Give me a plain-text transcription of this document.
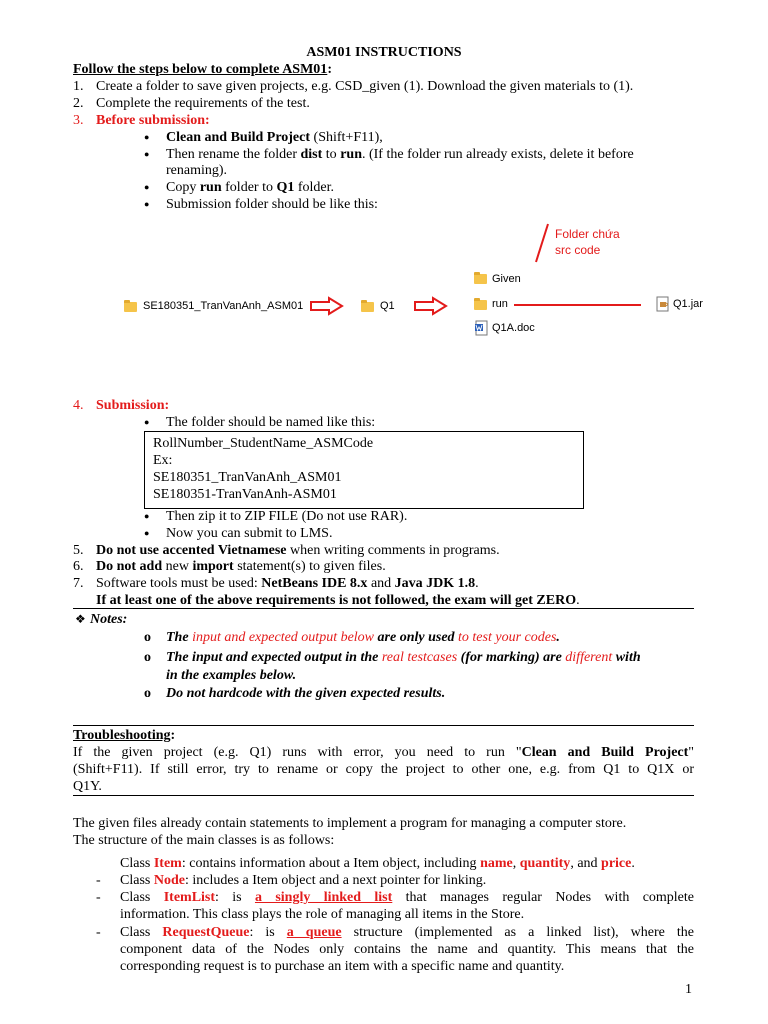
ASM01 INSTRUCTIONS
Follow the steps below to complete ASM01:
1. Create a folder to save given projects, e.g. CSD_given (1). Download the given materials to (1).
2. Complete the requirements of the test.
3. Before submission:
● Clean and Build Project (Shift+F11),
● Then rename the folder dist to run. (If the folder run already exists, delete it before
renaming).
● Copy run folder to Q1 folder.
● Submission folder should be like this:
Folder chứa
src code
Given
SE180351_TranVanAnh_ASM01	Q1	run	Q1.jar
Q1A.doc
4. Submission:
● The folder should be named like this:
RollNumber_StudentName_ASMCode
Ex:
SE180351_TranVanAnh_ASM01
SE180351-TranVanAnh-ASM01
● Then zip it to ZIP FILE (Do not use RAR).
● Now you can submit to LMS.
5. Do not use accented Vietnamese when writing comments in programs.
6. Do not add new import statement(s) to given files.
7. Software tools must be used: NetBeans IDE 8.x and Java JDK 1.8.
If at least one of the above requirements is not followed, the exam will get ZERO.
❖ Notes:
o The input and expected output below are only used to test your codes.
o The input and expected output in the real testcases (for marking) are different with
in the examples below.
o Do not hardcode with the given expected results.
Troubleshooting:
If the given project (e.g. Q1) runs with error, you need to run "Clean and Build Project"
(Shift+F11). If still error, try to rename or copy the project to other one, e.g. from Q1 to Q1X or
Q1Y.
The given files already contain statements to implement a program for managing a computer store.
The structure of the main classes is as follows:
Class Item: contains information about a Item object, including name, quantity, and price.
- Class Node: includes a Item object and a next pointer for linking.
- Class ItemList: is a singly linked list that manages regular Nodes with complete
information. This class plays the role of managing all items in the Store.
- Class RequestQueue: is a queue structure (implemented as a linked list), where the
component data of the Nodes only contains the name and quantity. This means that the
corresponding request is to purchase an item with a specific name and quantity.
1
